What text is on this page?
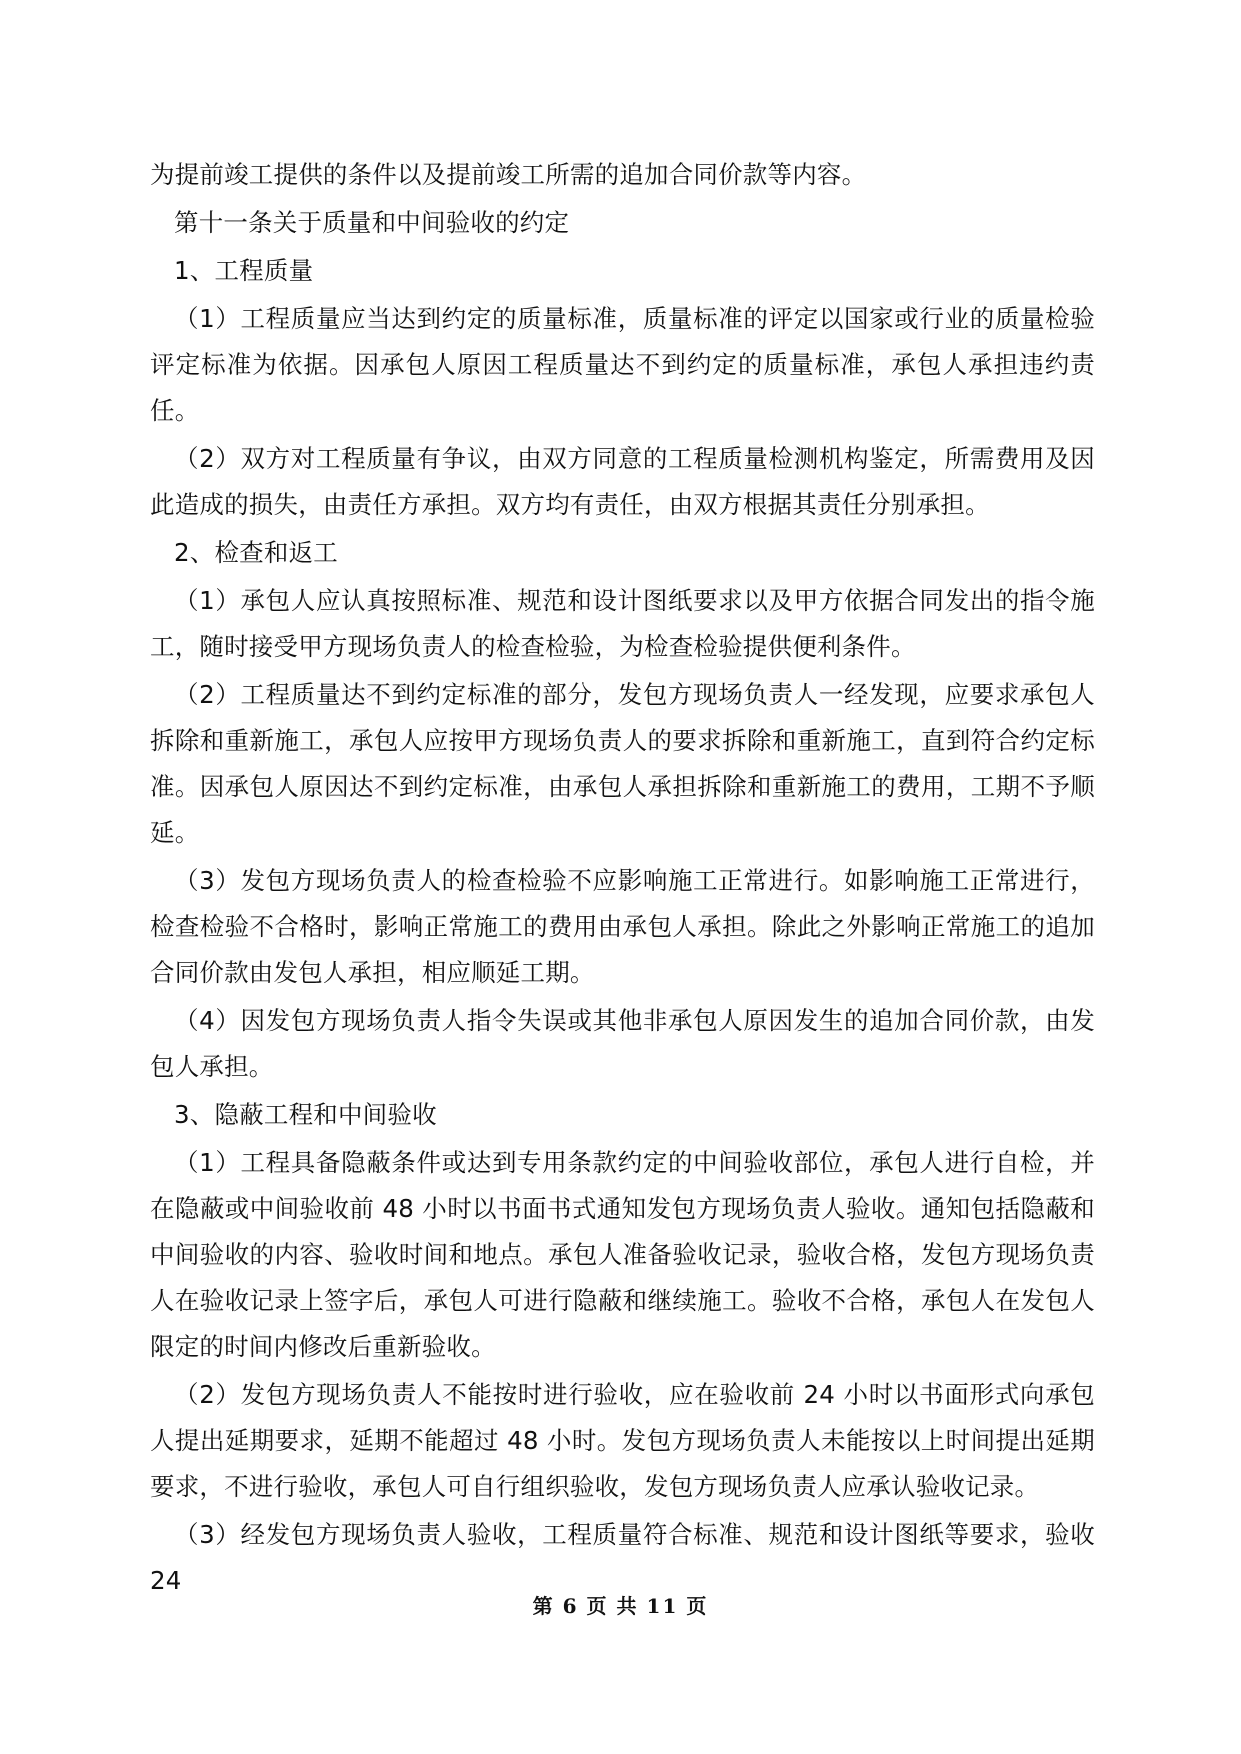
为提前竣工提供的条件以及提前竣工所需的追加合同价款等内容。

第十一条关于质量和中间验收的约定

1、工程质量

（1）工程质量应当达到约定的质量标准，质量标准的评定以国家或行业的质量检验评定标准为依据。因承包人原因工程质量达不到约定的质量标准，承包人承担违约责任。

（2）双方对工程质量有争议，由双方同意的工程质量检测机构鉴定，所需费用及因此造成的损失，由责任方承担。双方均有责任，由双方根据其责任分别承担。

2、检查和返工

（1）承包人应认真按照标准、规范和设计图纸要求以及甲方依据合同发出的指令施工，随时接受甲方现场负责人的检查检验，为检查检验提供便利条件。

（2）工程质量达不到约定标准的部分，发包方现场负责人一经发现，应要求承包人拆除和重新施工，承包人应按甲方现场负责人的要求拆除和重新施工，直到符合约定标准。因承包人原因达不到约定标准，由承包人承担拆除和重新施工的费用，工期不予顺延。

（3）发包方现场负责人的检查检验不应影响施工正常进行。如影响施工正常进行，检查检验不合格时，影响正常施工的费用由承包人承担。除此之外影响正常施工的追加合同价款由发包人承担，相应顺延工期。

（4）因发包方现场负责人指令失误或其他非承包人原因发生的追加合同价款，由发包人承担。

3、隐蔽工程和中间验收

（1）工程具备隐蔽条件或达到专用条款约定的中间验收部位，承包人进行自检，并在隐蔽或中间验收前 48 小时以书面书式通知发包方现场负责人验收。通知包括隐蔽和中间验收的内容、验收时间和地点。承包人准备验收记录，验收合格，发包方现场负责人在验收记录上签字后，承包人可进行隐蔽和继续施工。验收不合格，承包人在发包人限定的时间内修改后重新验收。

（2）发包方现场负责人不能按时进行验收，应在验收前 24 小时以书面形式向承包人提出延期要求，延期不能超过 48 小时。发包方现场负责人未能按以上时间提出延期要求，不进行验收，承包人可自行组织验收，发包方现场负责人应承认验收记录。

（3）经发包方现场负责人验收，工程质量符合标准、规范和设计图纸等要求，验收 24

第 6 页 共 11 页
